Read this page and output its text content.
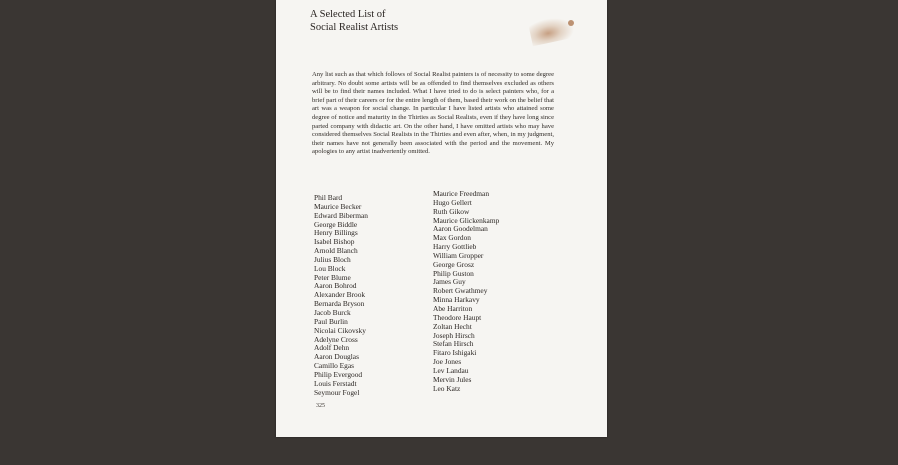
A Selected List of
Social Realist Artists

Any list such as that which follows of Social Realist painters is of necessity to some degree arbitrary. No doubt some artists will be as offended to find themselves excluded as others will be to find their names included. What I have tried to do is select painters who, for a brief part of their careers or for the entire length of them, based their work on the belief that art was a weapon for social change. In particular I have listed artists who attained some degree of notice and maturity in the Thirties as Social Realists, even if they have long since parted company with didactic art. On the other hand, I have omitted artists who may have considered themselves Social Realists in the Thirties and even after, when, in my judgment, their names have not generally been associated with the period and the movement. My apologies to any artist inadvertently omitted.

Phil Bard
Maurice Becker
Edward Biberman
George Biddle
Henry Billings
Isabel Bishop
Arnold Blanch
Julius Bloch
Lou Block
Peter Blume
Aaron Bohrod
Alexander Brook
Bernarda Bryson
Jacob Burck
Paul Burlin
Nicolai Cikovsky
Adelyne Cross
Adolf Dehn
Aaron Douglas
Camillo Egas
Philip Evergood
Louis Ferstadt
Seymour Fogel
Maurice Freedman
Hugo Gellert
Ruth Gikow
Maurice Glickenkamp
Aaron Goodelman
Max Gordon
Harry Gottlieb
William Gropper
George Grosz
Philip Guston
James Guy
Robert Gwathmey
Minna Harkavy
Abe Harriton
Theodore Haupt
Zoltan Hecht
Joseph Hirsch
Stefan Hirsch
Fitaro Ishigaki
Joe Jones
Lev Landau
Mervin Jules
Leo Katz
325
